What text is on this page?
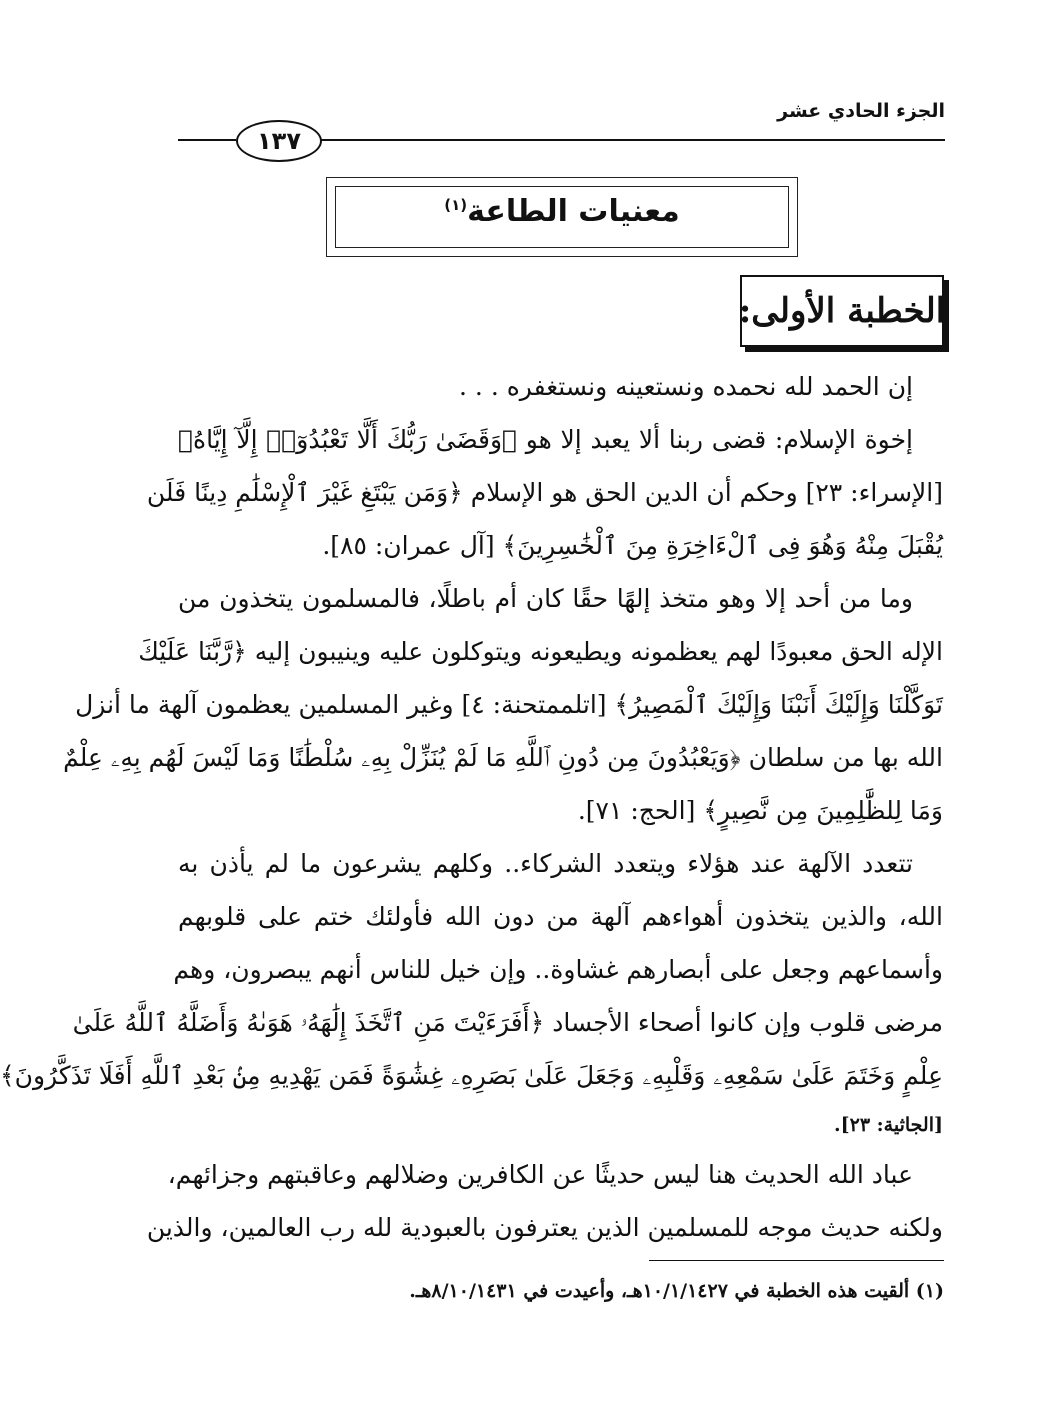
الجزء الحادي عشر
١٣٧
معنيات الطاعة$^{(١)}$
الخطبة الأولى:
إن الحمد لله نحمده ونستعينه ونستغفره . . .
إخوة الإسلام: قضى ربنا ألا يعبد إلا هو ﴿وَقَضَىٰ رَبُّكَ أَلَّا تَعْبُدُوٓا۟ إِلَّآ إِيَّاهُ﴾
[الإسراء: ٢٣] وحكم أن الدين الحق هو الإسلام ﴿وَمَن يَبْتَغِ غَيْرَ ٱلْإِسْلَٰمِ دِينًا فَلَن
يُقْبَلَ مِنْهُ وَهُوَ فِى ٱلْءَاخِرَةِ مِنَ ٱلْخَٰسِرِينَ﴾ [آل عمران: ٨٥].
وما من أحد إلا وهو متخذ إلهًا حقًا كان أم باطلًا، فالمسلمون يتخذون من
الإله الحق معبودًا لهم يعظمونه ويطيعونه ويتوكلون عليه وينيبون إليه ﴿رَّبَّنَا عَلَيْكَ
تَوَكَّلْنَا وَإِلَيْكَ أَنَبْنَا وَإِلَيْكَ ٱلْمَصِيرُ﴾ [اتلممتحنة: ٤] وغير المسلمين يعظمون آلهة ما أنزل
الله بها من سلطان ﴿وَيَعْبُدُونَ مِن دُونِ ٱللَّهِ مَا لَمْ يُنَزِّلْ بِهِۦ سُلْطَٰنًا وَمَا لَيْسَ لَهُم بِهِۦ عِلْمٌ
وَمَا لِلظَّٰلِمِينَ مِن نَّصِيرٍ﴾ [الحج: ٧١].
تتعدد الآلهة عند هؤلاء ويتعدد الشركاء.. وكلهم يشرعون ما لم يأذن به
الله، والذين يتخذون أهواءهم آلهة من دون الله فأولئك ختم على قلوبهم
وأسماعهم وجعل على أبصارهم غشاوة.. وإن خيل للناس أنهم يبصرون، وهم
مرضى قلوب وإن كانوا أصحاء الأجساد ﴿أَفَرَءَيْتَ مَنِ ٱتَّخَذَ إِلَٰهَهُۥ هَوَىٰهُ وَأَضَلَّهُ ٱللَّهُ عَلَىٰ
عِلْمٍ وَخَتَمَ عَلَىٰ سَمْعِهِۦ وَقَلْبِهِۦ وَجَعَلَ عَلَىٰ بَصَرِهِۦ غِشَٰوَةً فَمَن يَهْدِيهِ مِنۢ بَعْدِ ٱللَّهِ أَفَلَا تَذَكَّرُونَ﴾
[الجاثية: ٢٣].
عباد الله الحديث هنا ليس حديثًا عن الكافرين وضلالهم وعاقبتهم وجزائهم،
ولكنه حديث موجه للمسلمين الذين يعترفون بالعبودية لله رب العالمين، والذين
(١) ألقيت هذه الخطبة في ١٠/١/١٤٢٧هـ، وأعيدت في ٨/١٠/١٤٣١هـ.
